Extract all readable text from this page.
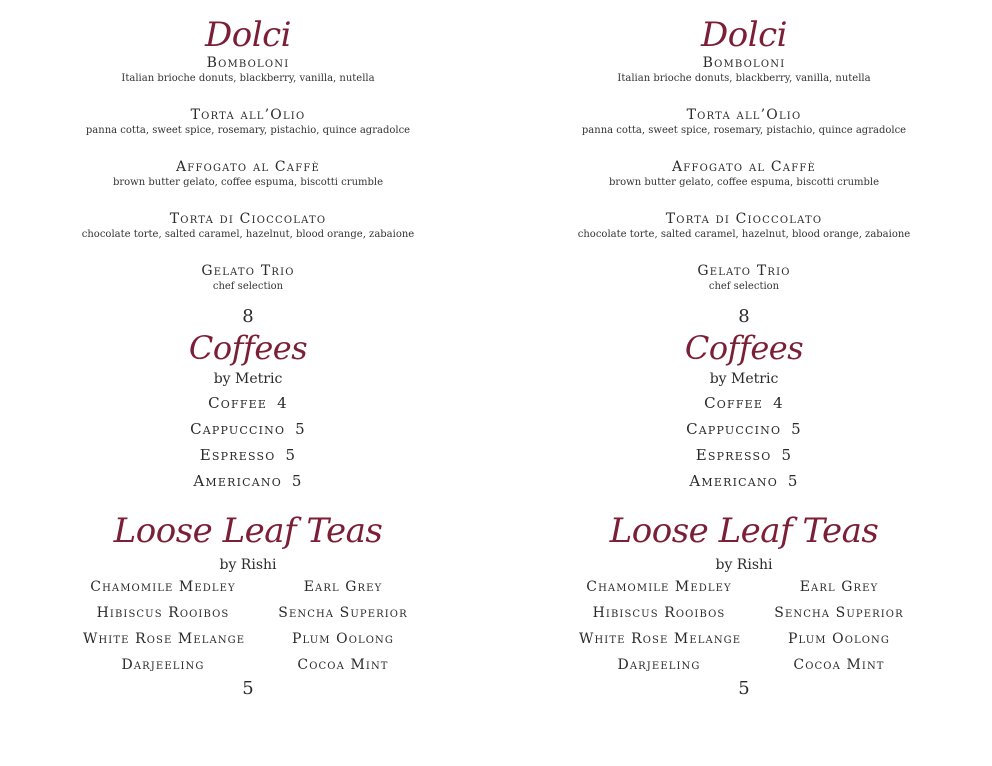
Dolci

Bomboloni

Italian brioche donuts, blackberry, vanilla, nutella

Torta all’Olio

panna cotta, sweet spice, rosemary, pistachio, quince agradolce

Affogato al Caffè

brown butter gelato, coffee espuma, biscotti crumble

Torta di Cioccolato

chocolate torte, salted caramel, hazelnut, blood orange, zabaione

Gelato Trio

chef selection

8
Coffees
by Metric
Coffee 4
Cappuccino 5
Espresso 5
Americano 5
Loose Leaf Teas
by Rishi
Chamomile Medley	Earl Grey
Hibiscus Rooibos	Sencha Superior
White Rose Melange	Plum Oolong
Darjeeling	Cocoa Mint
5
Dolci

Bomboloni

Italian brioche donuts, blackberry, vanilla, nutella

Torta all’Olio

panna cotta, sweet spice, rosemary, pistachio, quince agradolce

Affogato al Caffè

brown butter gelato, coffee espuma, biscotti crumble

Torta di Cioccolato

chocolate torte, salted caramel, hazelnut, blood orange, zabaione

Gelato Trio

chef selection

8
Coffees
by Metric
Coffee 4
Cappuccino 5
Espresso 5
Americano 5
Loose Leaf Teas
by Rishi
Chamomile Medley	Earl Grey
Hibiscus Rooibos	Sencha Superior
White Rose Melange	Plum Oolong
Darjeeling	Cocoa Mint
5
